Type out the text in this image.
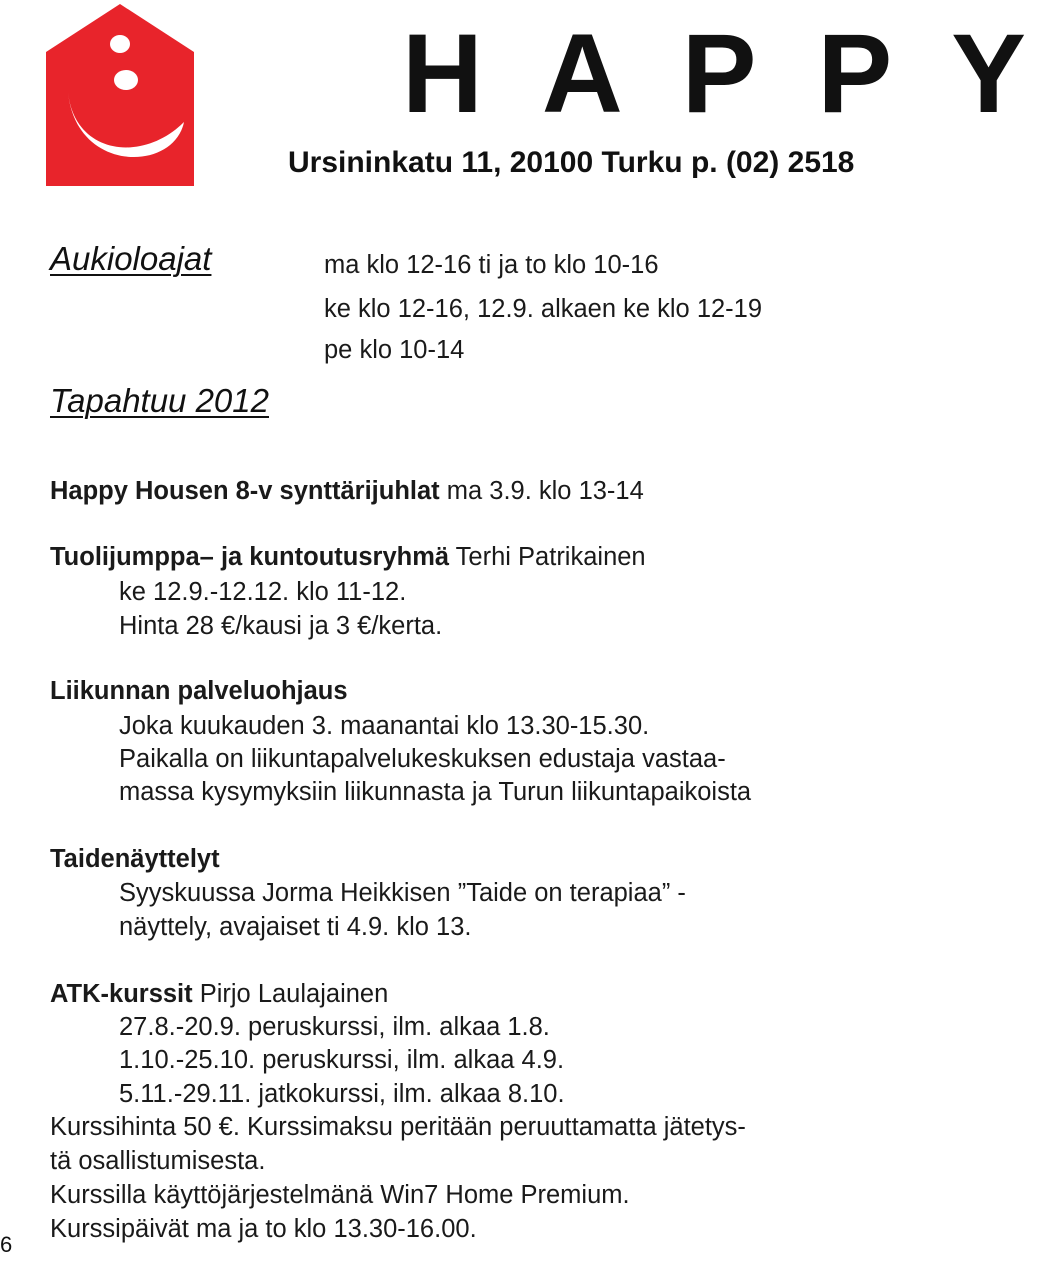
H A P P Y
Ursininkatu 11, 20100 Turku p. (02) 2518
Aukioloajat	ma klo 12-16 ti ja to klo 10-16
ke klo 12-16, 12.9. alkaen ke klo 12-19
pe klo 10-14
Tapahtuu 2012
Happy Housen 8-v synttärijuhlat ma 3.9. klo 13-14
Tuolijumppa– ja kuntoutusryhmä Terhi Patrikainen
ke 12.9.-12.12. klo 11-12.
Hinta 28 €/kausi ja 3 €/kerta.
Liikunnan palveluohjaus
Joka kuukauden 3. maanantai klo 13.30-15.30.
Paikalla on liikuntapalvelukeskuksen edustaja vastaa-
massa kysymyksiin liikunnasta ja Turun liikuntapaikoista
Taidenäyttelyt
Syyskuussa Jorma Heikkisen ”Taide on terapiaa” -
näyttely, avajaiset ti 4.9. klo 13.
ATK-kurssit Pirjo Laulajainen
27.8.-20.9. peruskurssi, ilm. alkaa 1.8.
1.10.-25.10. peruskurssi, ilm. alkaa 4.9.
5.11.-29.11. jatkokurssi, ilm. alkaa 8.10.
Kurssihinta 50 €. Kurssimaksu peritään peruuttamatta jätetys-
tä osallistumisesta.
Kurssilla käyttöjärjestelmänä Win7 Home Premium.
Kurssipäivät ma ja to klo 13.30-16.00.
6
